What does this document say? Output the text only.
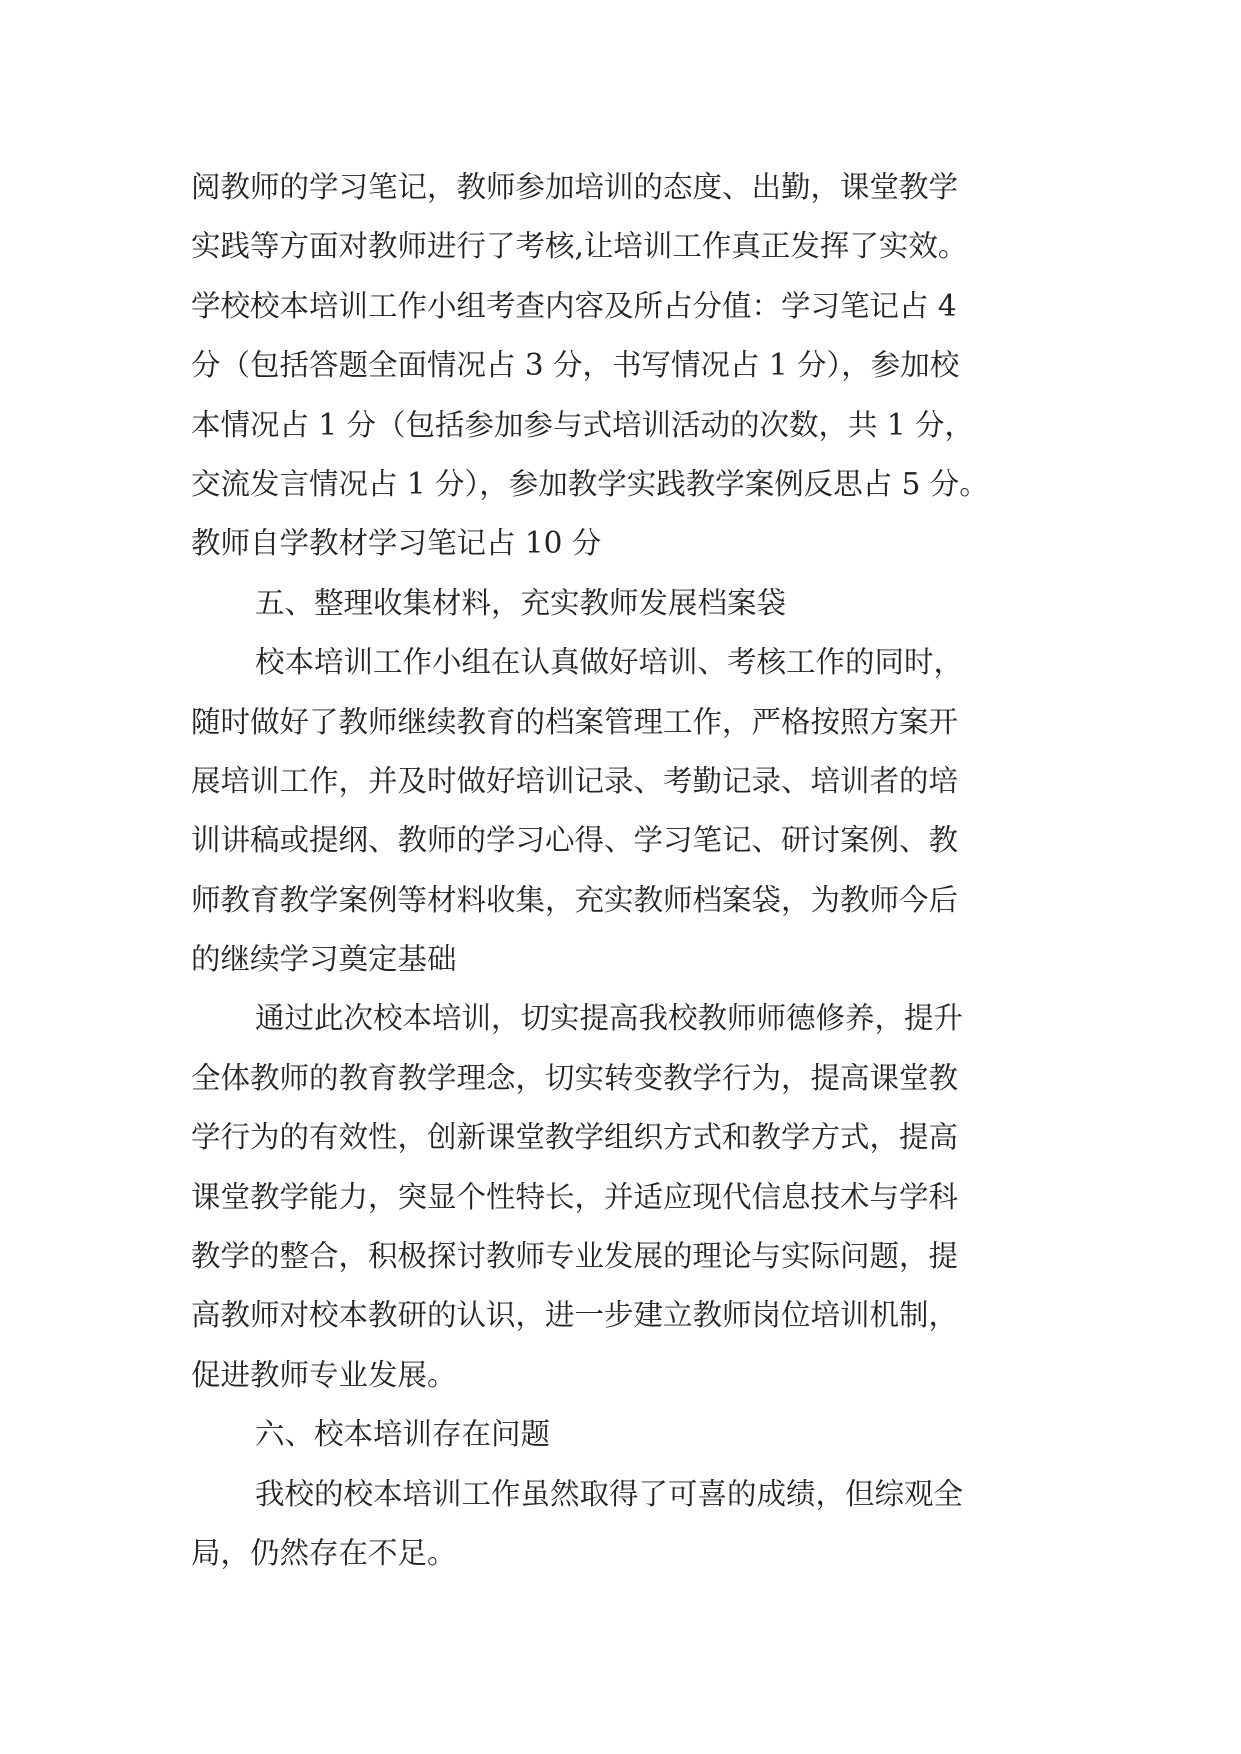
阅教师的学习笔记，教师参加培训的态度、出勤，课堂教学
实践等方面对教师进行了考核,让培训工作真正发挥了实效。
学校校本培训工作小组考查内容及所占分值：学习笔记占 4
分（包括答题全面情况占 3 分，书写情况占 1 分），参加校
本情况占 1 分（包括参加参与式培训活动的次数，共 1 分，
交流发言情况占 1 分），参加教学实践教学案例反思占 5 分。
教师自学教材学习笔记占 10 分
五、整理收集材料，充实教师发展档案袋
校本培训工作小组在认真做好培训、考核工作的同时，
随时做好了教师继续教育的档案管理工作，严格按照方案开
展培训工作，并及时做好培训记录、考勤记录、培训者的培
训讲稿或提纲、教师的学习心得、学习笔记、研讨案例、教
师教育教学案例等材料收集，充实教师档案袋，为教师今后
的继续学习奠定基础
通过此次校本培训，切实提高我校教师师德修养，提升
全体教师的教育教学理念，切实转变教学行为，提高课堂教
学行为的有效性，创新课堂教学组织方式和教学方式，提高
课堂教学能力，突显个性特长，并适应现代信息技术与学科
教学的整合，积极探讨教师专业发展的理论与实际问题，提
高教师对校本教研的认识，进一步建立教师岗位培训机制，
促进教师专业发展。
六、校本培训存在问题
我校的校本培训工作虽然取得了可喜的成绩，但综观全
局，仍然存在不足。
